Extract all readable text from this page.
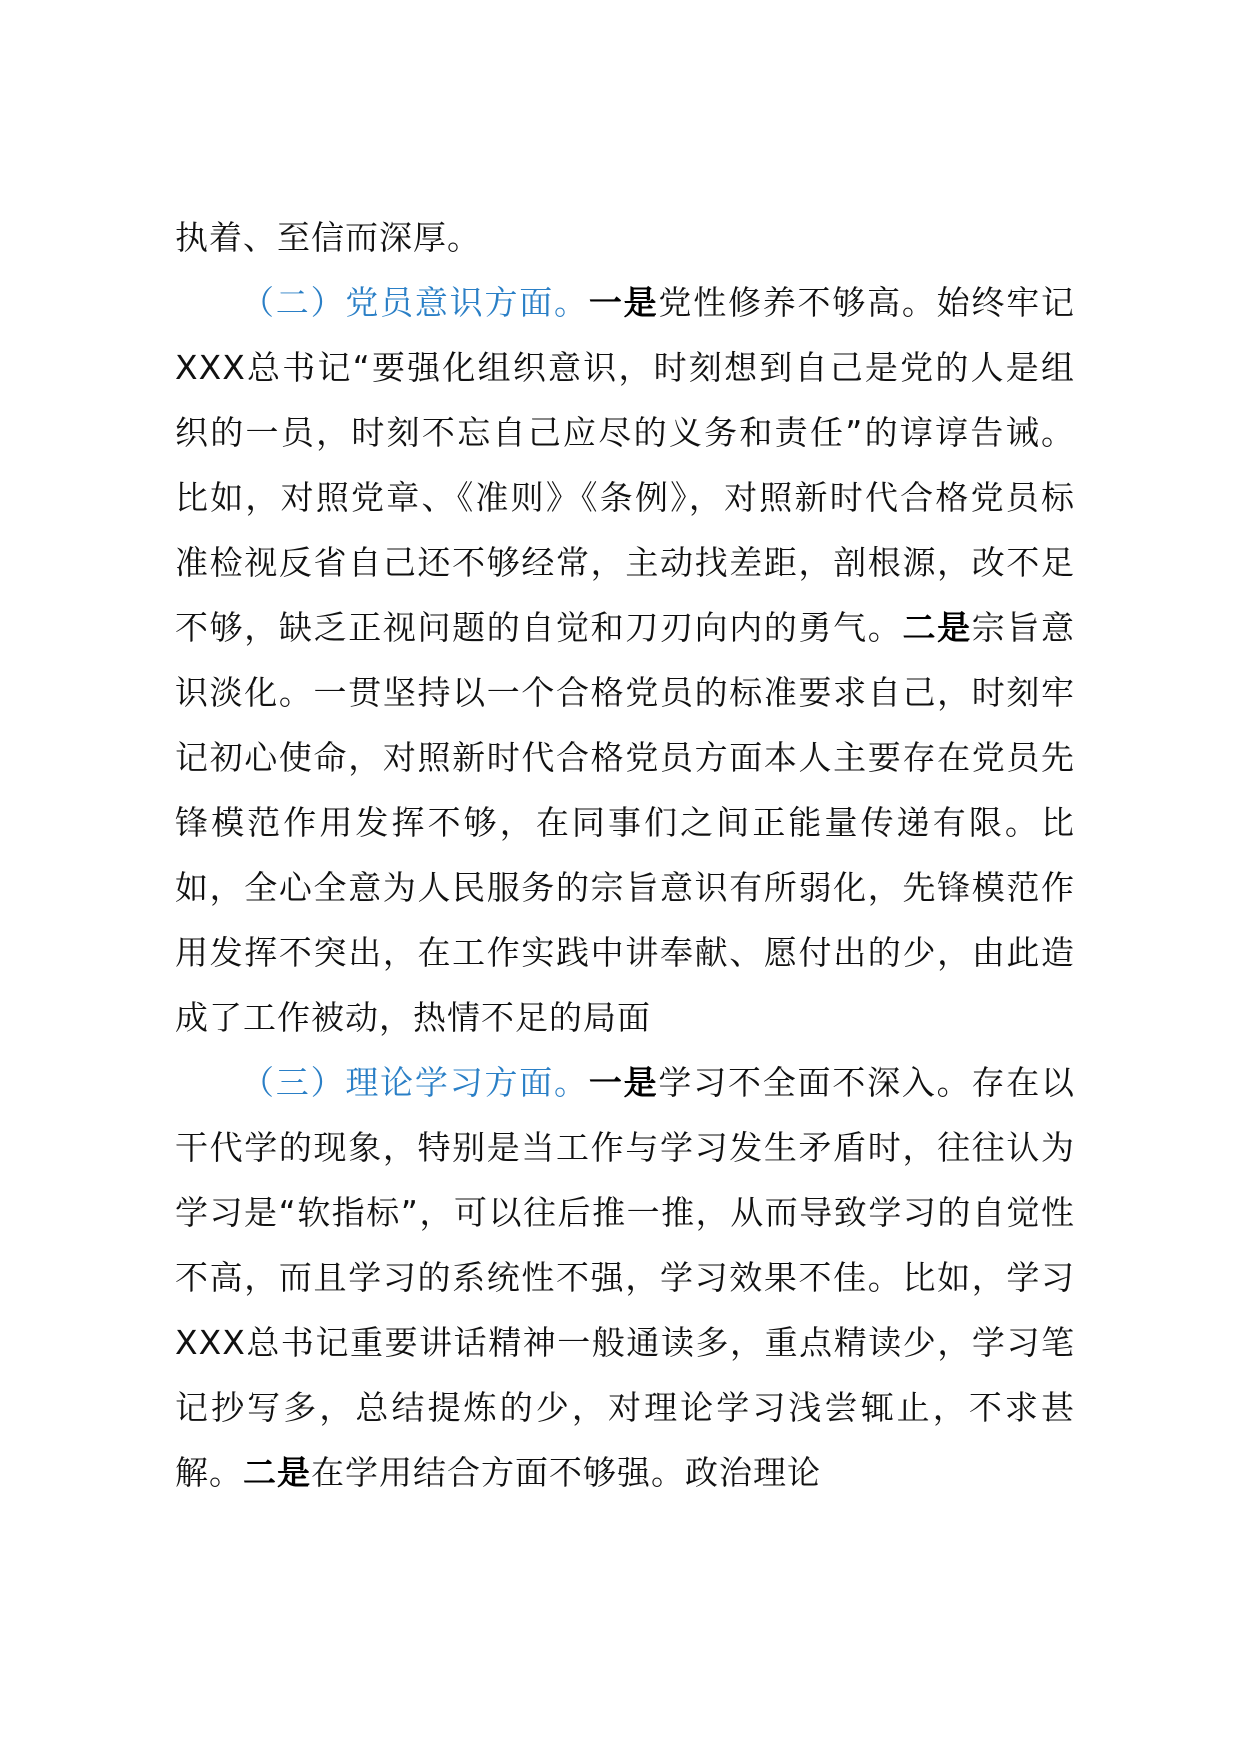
执着、至信而深厚。

（二）党员意识方面。一是党性修养不够高。始终牢记XXX总书记“要强化组织意识，时刻想到自己是党的人是组织的一员，时刻不忘自己应尽的义务和责任”的谆谆告诫。比如，对照党章、《准则》《条例》，对照新时代合格党员标准检视反省自己还不够经常，主动找差距，剖根源，改不足不够，缺乏正视问题的自觉和刀刃向内的勇气。二是宗旨意识淡化。一贯坚持以一个合格党员的标准要求自己，时刻牢记初心使命，对照新时代合格党员方面本人主要存在党员先锋模范作用发挥不够，在同事们之间正能量传递有限。比如，全心全意为人民服务的宗旨意识有所弱化，先锋模范作用发挥不突出，在工作实践中讲奉献、愿付出的少，由此造成了工作被动，热情不足的局面

（三）理论学习方面。一是学习不全面不深入。存在以干代学的现象，特别是当工作与学习发生矛盾时，往往认为学习是“软指标”，可以往后推一推，从而导致学习的自觉性不高，而且学习的系统性不强，学习效果不佳。比如，学习XXX总书记重要讲话精神一般通读多，重点精读少，学习笔记抄写多，总结提炼的少，对理论学习浅尝辄止，不求甚解。二是在学用结合方面不够强。政治理论
